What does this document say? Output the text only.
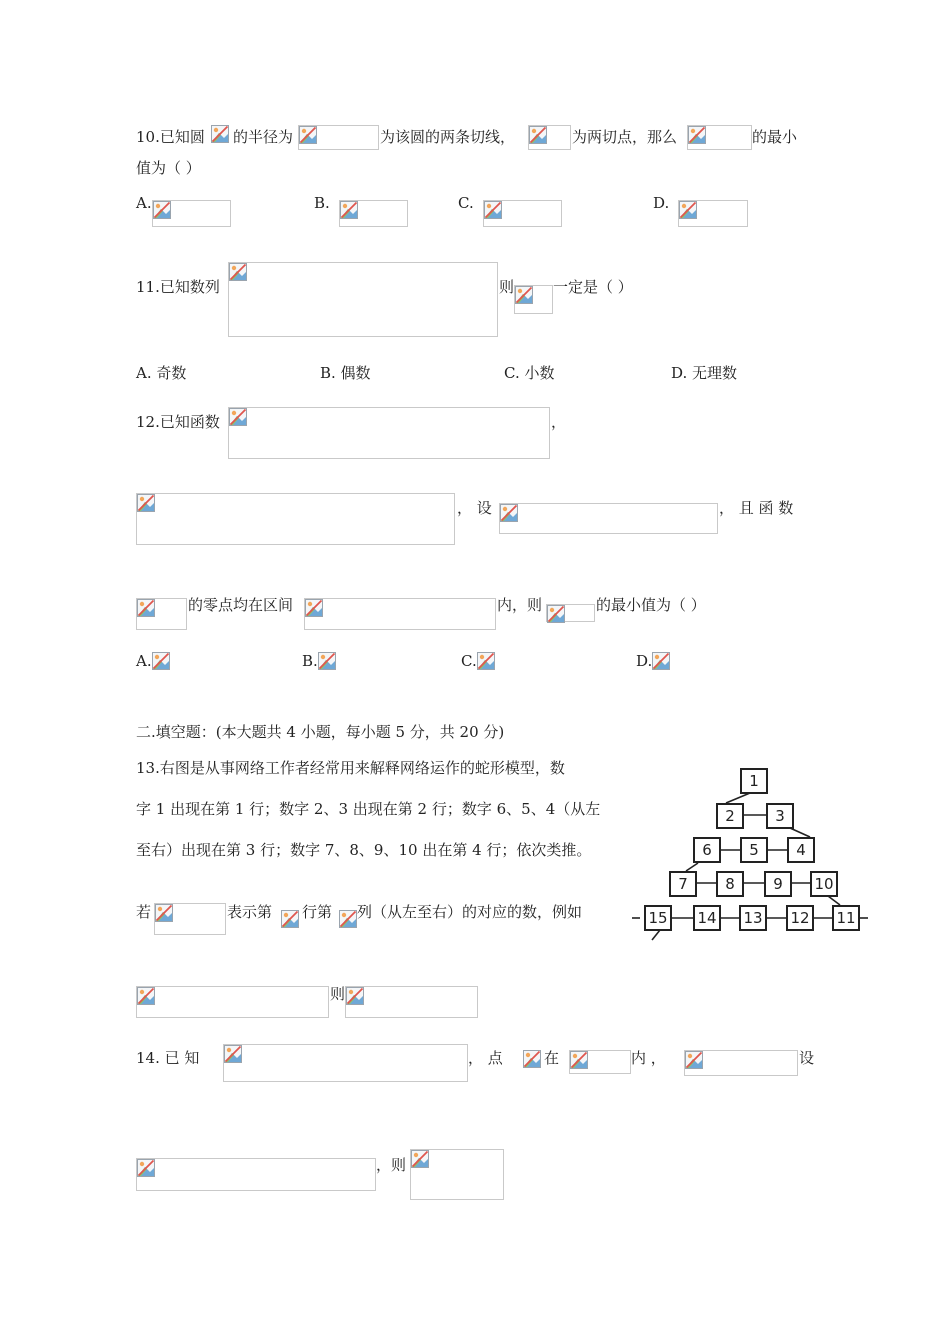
10.已知圆 的半径为	为该圆的两条切线，	为两切点，那么	的最小
值为（ ）
A.	B.	C.	D.
11.已知数列	则	一定是（ ）
A. 奇数	B. 偶数	C. 小数	D. 无理数
12.已知函数	，
， 设	， 且 函 数
的零点均在区间	内，则	的最小值为（ ）
A.	B.	C.	D.
二.填空题：(本大题共 4 小题，每小题 5 分，共 20 分)
13.右图是从事网络工作者经常用来解释网络运作的蛇形模型，数
字 1 出现在第 1 行；数字 2、3 出现在第 2 行；数字 6、5、4（从左
至右）出现在第 3 行；数字 7、8、9、10 出在第 4 行；依次类推。
若	表示第 行第 列（从左至右）的对应的数，例如
则
1
2	3
6	5	4
7	8	9	10
15 14 13 12 11
14. 已 知	， 点	在	内 ，	设
，则
